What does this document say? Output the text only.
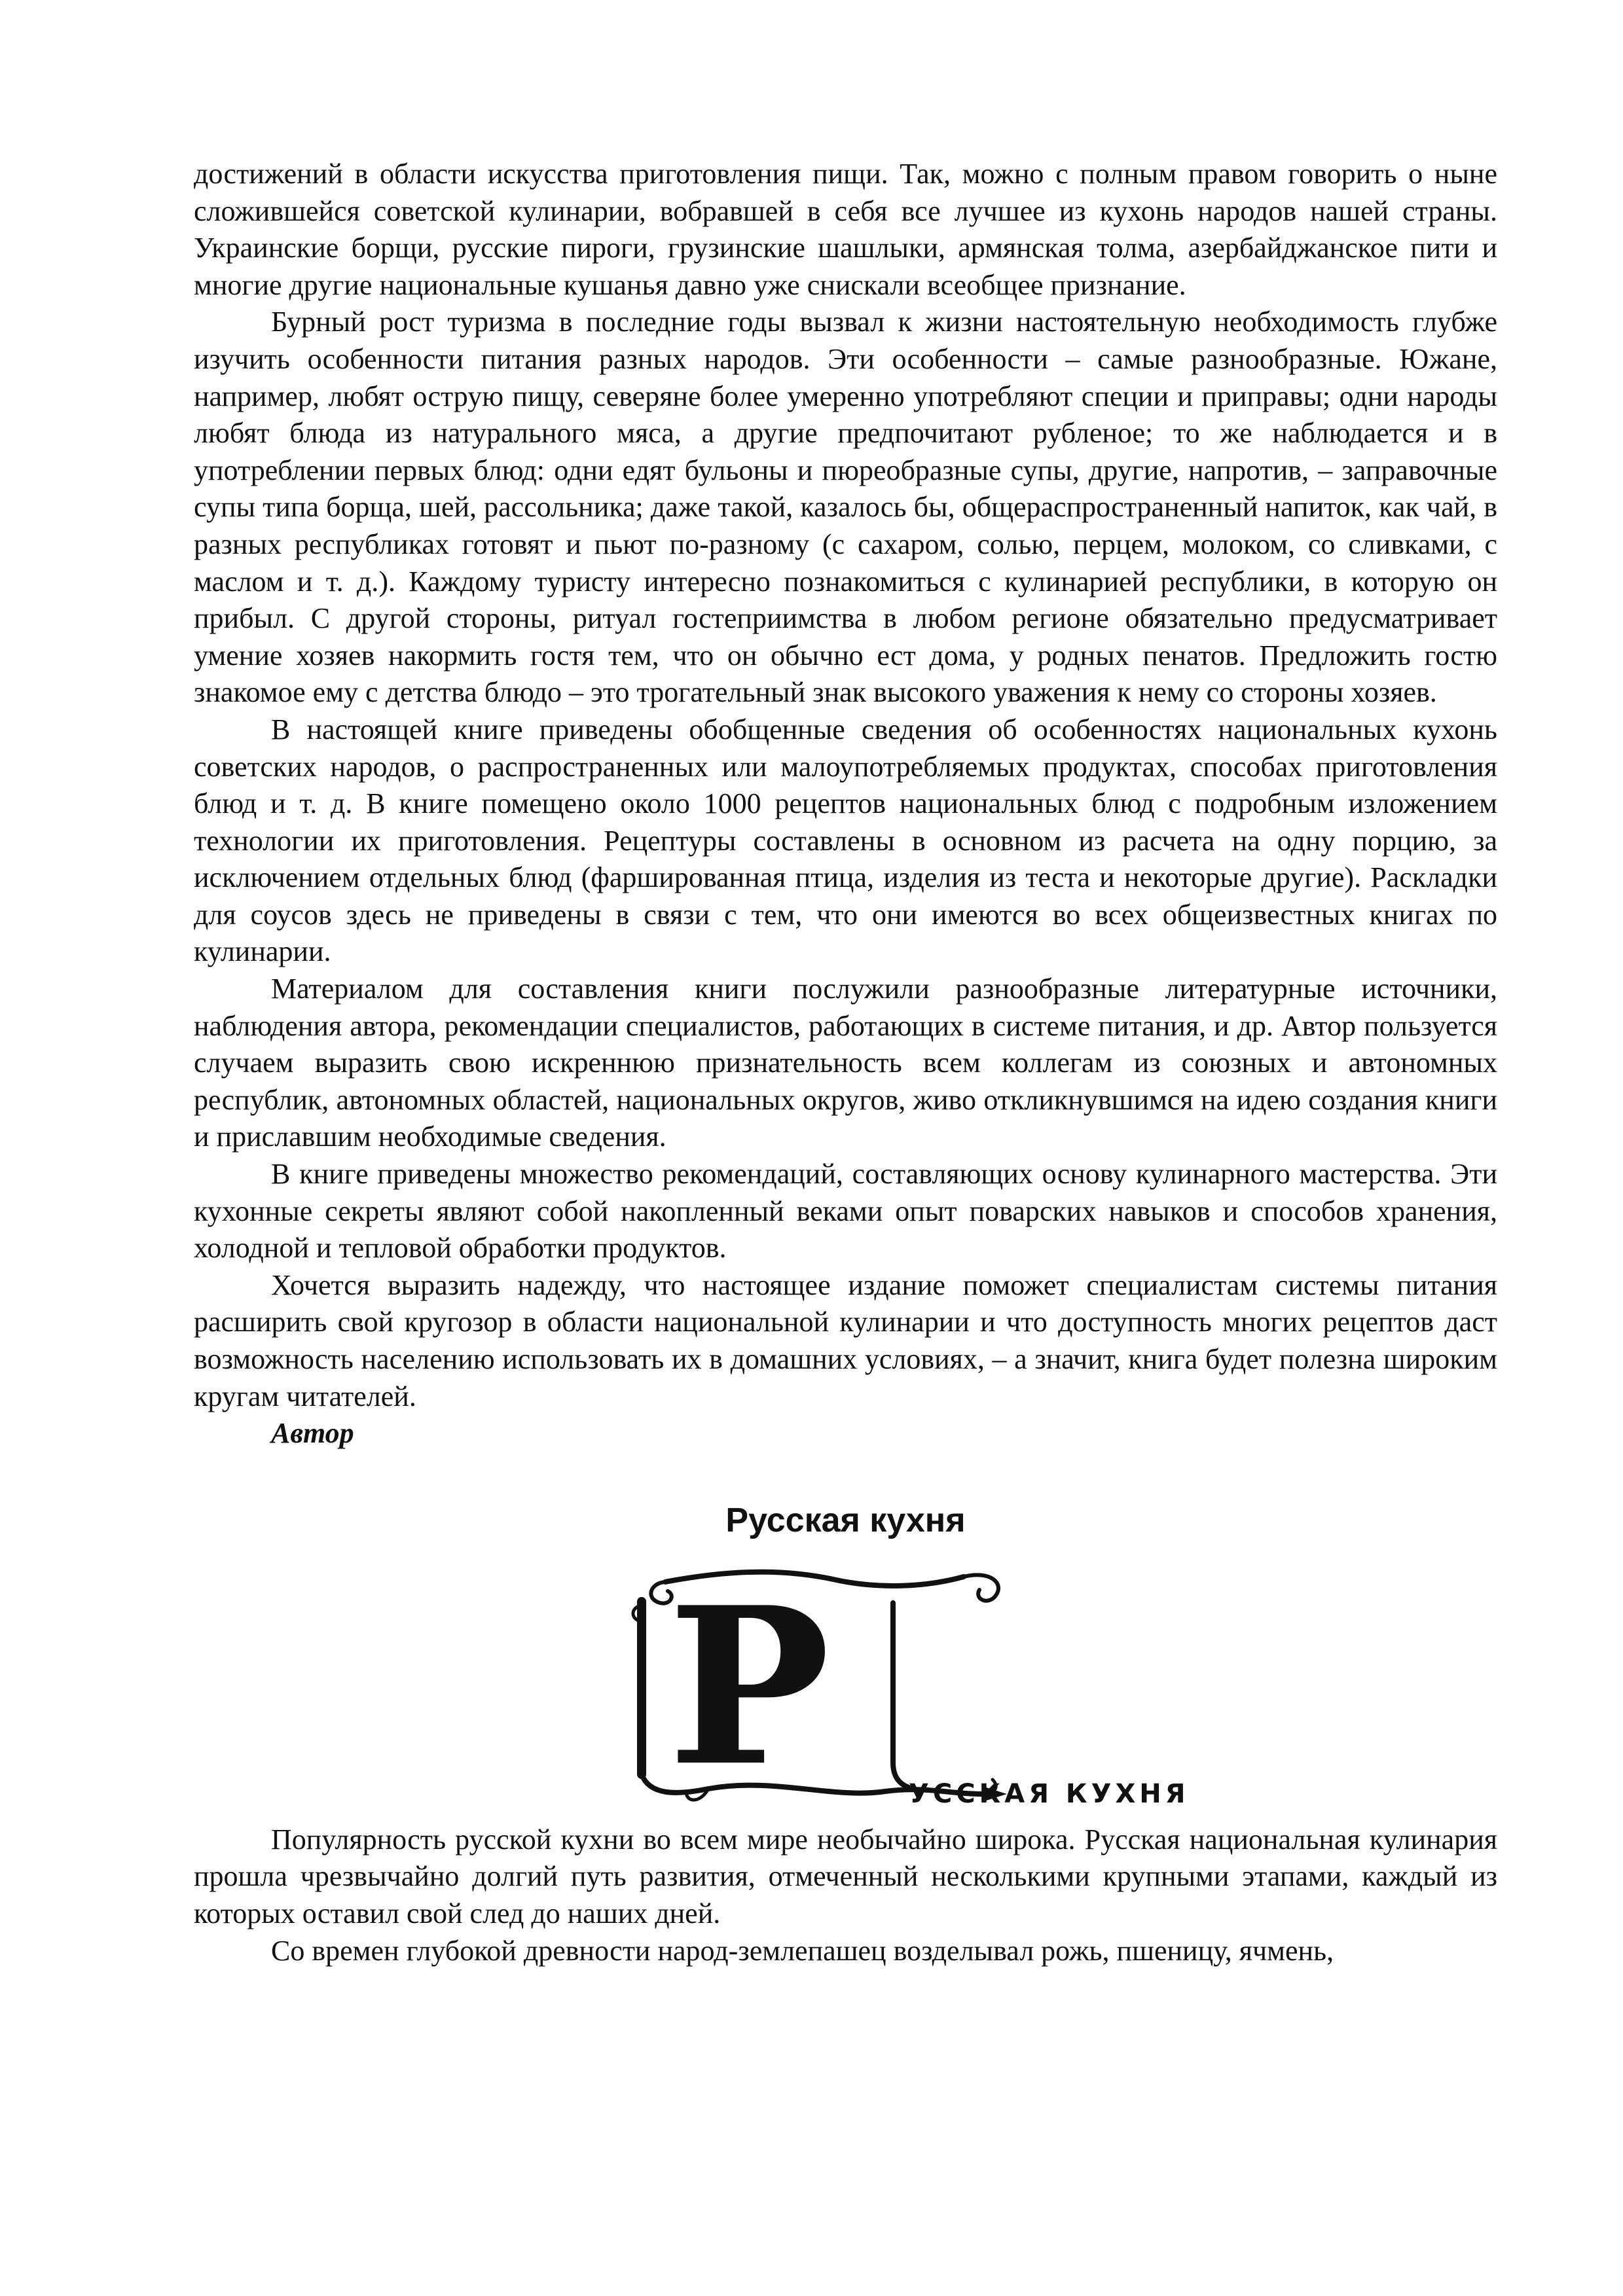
достижений в области искусства приготовления пищи. Так, можно с полным правом говорить о ныне сложившейся советской кулинарии, вобравшей в себя все лучшее из кухонь народов нашей страны. Украинские борщи, русские пироги, грузинские шашлыки, армянская толма, азербайджанское пити и многие другие национальные кушанья давно уже снискали всеобщее признание.

Бурный рост туризма в последние годы вызвал к жизни настоятельную необходимость глубже изучить особенности питания разных народов. Эти особенности – самые разнообразные. Южане, например, любят острую пищу, северяне более умеренно употребляют специи и приправы; одни народы любят блюда из натурального мяса, а другие предпочитают рубленое; то же наблюдается и в употреблении первых блюд: одни едят бульоны и пюреобразные супы, другие, напротив, – заправочные супы типа борща, шей, рассольника; даже такой, казалось бы, общераспространенный напиток, как чай, в разных республиках готовят и пьют по-разному (с сахаром, солью, перцем, молоком, со сливками, с маслом и т. д.). Каждому туристу интересно познакомиться с кулинарией республики, в которую он прибыл. С другой стороны, ритуал гостеприимства в любом регионе обязательно предусматривает умение хозяев накормить гостя тем, что он обычно ест дома, у родных пенатов. Предложить гостю знакомое ему с детства блюдо – это трогательный знак высокого уважения к нему со стороны хозяев.

В настоящей книге приведены обобщенные сведения об особенностях национальных кухонь советских народов, о распространенных или малоупотребляемых продуктах, способах приготовления блюд и т. д. В книге помещено около 1000 рецептов национальных блюд с подробным изложением технологии их приготовления. Рецептуры составлены в основном из расчета на одну порцию, за исключением отдельных блюд (фаршированная птица, изделия из теста и некоторые другие). Раскладки для соусов здесь не приведены в связи с тем, что они имеются во всех общеизвестных книгах по кулинарии.

Материалом для составления книги послужили разнообразные литературные источники, наблюдения автора, рекомендации специалистов, работающих в системе питания, и др. Автор пользуется случаем выразить свою искреннюю признательность всем коллегам из союзных и автономных республик, автономных областей, национальных округов, живо откликнувшимся на идею создания книги и приславшим необходимые сведения.

В книге приведены множество рекомендаций, составляющих основу кулинарного мастерства. Эти кухонные секреты являют собой накопленный веками опыт поварских навыков и способов хранения, холодной и тепловой обработки продуктов.

Хочется выразить надежду, что настоящее издание поможет специалистам системы питания расширить свой кругозор в области национальной кулинарии и что доступность многих рецептов даст возможность населению использовать их в домашних условиях, – а значит, книга будет полезна широким кругам читателей.

Автор

Русская кухня
Р	УССКАЯ КУХНЯ

Популярность русской кухни во всем мире необычайно широка. Русская национальная кулинария прошла чрезвычайно долгий путь развития, отмеченный несколькими крупными этапами, каждый из которых оставил свой след до наших дней.

Со времен глубокой древности народ-землепашец возделывал рожь, пшеницу, ячмень,
